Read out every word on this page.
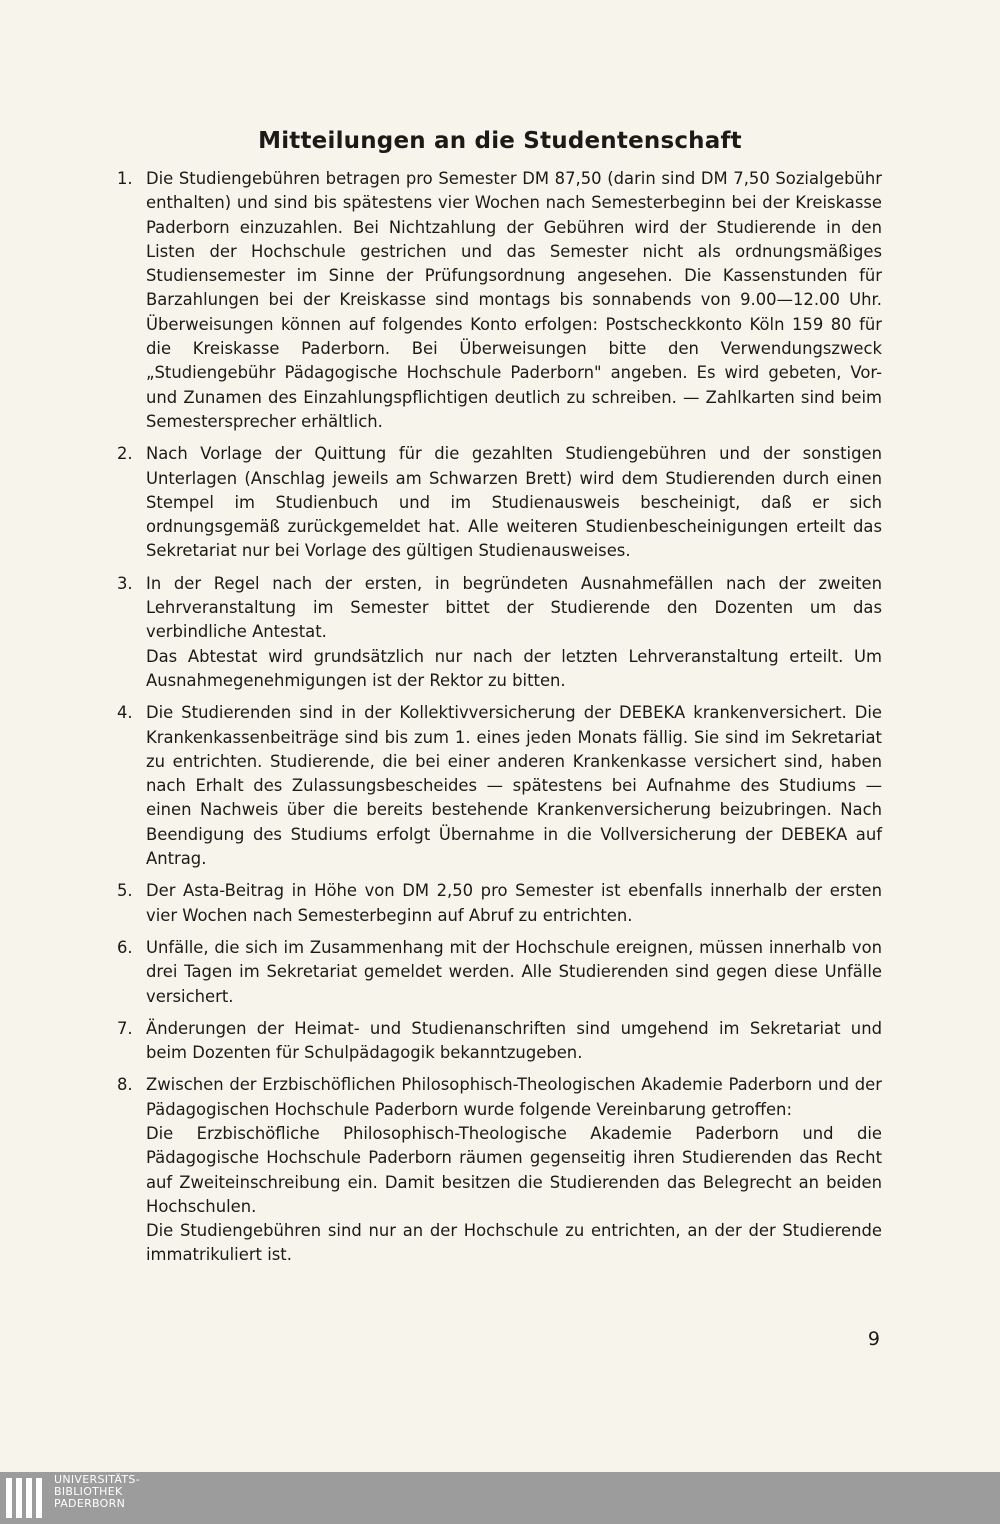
Mitteilungen an die Studentenschaft
1. Die Studiengebühren betragen pro Semester DM 87,50 (darin sind DM 7,50 Sozialgebühr enthalten) und sind bis spätestens vier Wochen nach Semesterbeginn bei der Kreiskasse Paderborn einzuzahlen. Bei Nichtzahlung der Gebühren wird der Studierende in den Listen der Hochschule gestrichen und das Semester nicht als ordnungsmäßiges Studiensemester im Sinne der Prüfungsordnung angesehen. Die Kassenstunden für Barzahlungen bei der Kreiskasse sind montags bis sonnabends von 9.00—12.00 Uhr. Überweisungen können auf folgendes Konto erfolgen: Postscheckkonto Köln 159 80 für die Kreiskasse Paderborn. Bei Überweisungen bitte den Verwendungszweck „Studiengebühr Pädagogische Hochschule Paderborn" angeben. Es wird gebeten, Vor- und Zunamen des Einzahlungspflichtigen deutlich zu schreiben. — Zahlkarten sind beim Semestersprecher erhältlich.

2. Nach Vorlage der Quittung für die gezahlten Studiengebühren und der sonstigen Unterlagen (Anschlag jeweils am Schwarzen Brett) wird dem Studierenden durch einen Stempel im Studienbuch und im Studienausweis bescheinigt, daß er sich ordnungsgemäß zurückgemeldet hat. Alle weiteren Studienbescheinigungen erteilt das Sekretariat nur bei Vorlage des gültigen Studienausweises.

3. In der Regel nach der ersten, in begründeten Ausnahmefällen nach der zweiten Lehrveranstaltung im Semester bittet der Studierende den Dozenten um das verbindliche Antestat.

Das Abtestat wird grundsätzlich nur nach der letzten Lehrveranstaltung erteilt. Um Ausnahmegenehmigungen ist der Rektor zu bitten.

4. Die Studierenden sind in der Kollektivversicherung der DEBEKA krankenversichert. Die Krankenkassenbeiträge sind bis zum 1. eines jeden Monats fällig. Sie sind im Sekretariat zu entrichten. Studierende, die bei einer anderen Krankenkasse versichert sind, haben nach Erhalt des Zulassungsbescheides — spätestens bei Aufnahme des Studiums — einen Nachweis über die bereits bestehende Krankenversicherung beizubringen. Nach Beendigung des Studiums erfolgt Übernahme in die Vollversicherung der DEBEKA auf Antrag.

5. Der Asta-Beitrag in Höhe von DM 2,50 pro Semester ist ebenfalls innerhalb der ersten vier Wochen nach Semesterbeginn auf Abruf zu entrichten.

6. Unfälle, die sich im Zusammenhang mit der Hochschule ereignen, müssen innerhalb von drei Tagen im Sekretariat gemeldet werden. Alle Studierenden sind gegen diese Unfälle versichert.

7. Änderungen der Heimat- und Studienanschriften sind umgehend im Sekretariat und beim Dozenten für Schulpädagogik bekanntzugeben.

8. Zwischen der Erzbischöflichen Philosophisch-Theologischen Akademie Paderborn und der Pädagogischen Hochschule Paderborn wurde folgende Vereinbarung getroffen:

Die Erzbischöfliche Philosophisch-Theologische Akademie Paderborn und die Pädagogische Hochschule Paderborn räumen gegenseitig ihren Studierenden das Recht auf Zweiteinschreibung ein. Damit besitzen die Studierenden das Belegrecht an beiden Hochschulen.

Die Studiengebühren sind nur an der Hochschule zu entrichten, an der der Studierende immatrikuliert ist.

9
UNIVERSITÄTS-
BIBLIOTHEK
PADERBORN
